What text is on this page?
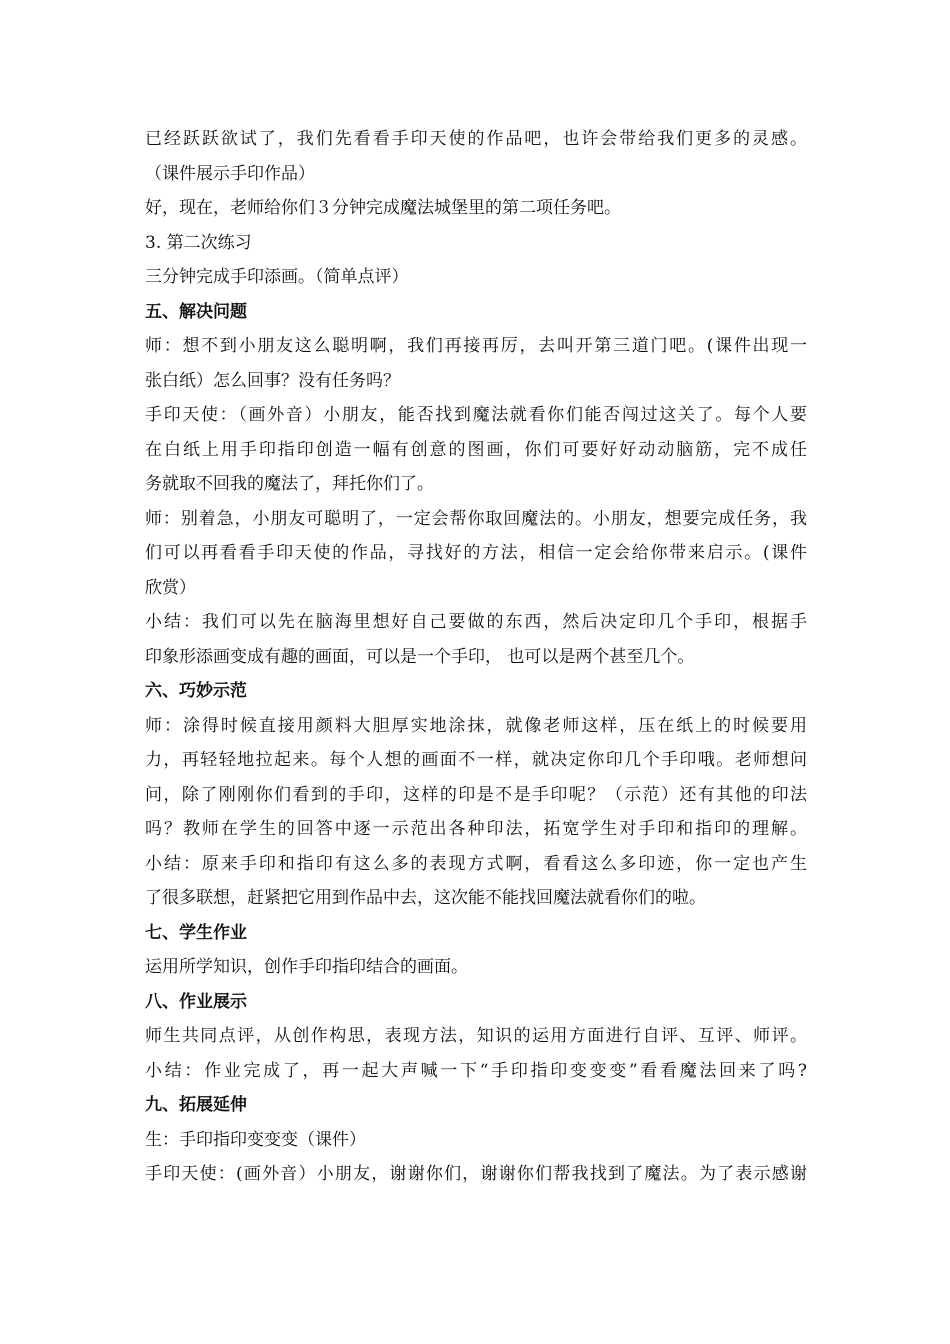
已经跃跃欲试了，我们先看看手印天使的作品吧，也许会带给我们更多的灵感。
（课件展示手印作品）
好，现在，老师给你们３分钟完成魔法城堡里的第二项任务吧。
3. 第二次练习
三分钟完成手印添画。（简单点评）
五、解决问题
师：想不到小朋友这么聪明啊，我们再接再厉，去叫开第三道门吧。(课件出现一
张白纸）怎么回事？没有任务吗？
手印天使：（画外音）小朋友，能否找到魔法就看你们能否闯过这关了。每个人要
在白纸上用手印指印创造一幅有创意的图画，你们可要好好动动脑筋，完不成任
务就取不回我的魔法了，拜托你们了。
师：别着急，小朋友可聪明了，一定会帮你取回魔法的。小朋友，想要完成任务，我
们可以再看看手印天使的作品，寻找好的方法，相信一定会给你带来启示。(课件
欣赏）
小结：我们可以先在脑海里想好自己要做的东西，然后决定印几个手印，根据手
印象形添画变成有趣的画面，可以是一个手印， 也可以是两个甚至几个。
六、巧妙示范
师：涂得时候直接用颜料大胆厚实地涂抹，就像老师这样，压在纸上的时候要用
力，再轻轻地拉起来。每个人想的画面不一样，就决定你印几个手印哦。老师想问
问，除了刚刚你们看到的手印，这样的印是不是手印呢？（示范）还有其他的印法
吗？教师在学生的回答中逐一示范出各种印法，拓宽学生对手印和指印的理解。
小结：原来手印和指印有这么多的表现方式啊，看看这么多印迹，你一定也产生
了很多联想，赶紧把它用到作品中去，这次能不能找回魔法就看你们的啦。
七、学生作业
运用所学知识，创作手印指印结合的画面。
八、作业展示
师生共同点评，从创作构思，表现方法，知识的运用方面进行自评、互评、师评。
小结：作业完成了，再一起大声喊一下“手印指印变变变”看看魔法回来了吗?
九、拓展延伸
生：手印指印变变变（课件）
手印天使：(画外音）小朋友，谢谢你们，谢谢你们帮我找到了魔法。为了表示感谢
